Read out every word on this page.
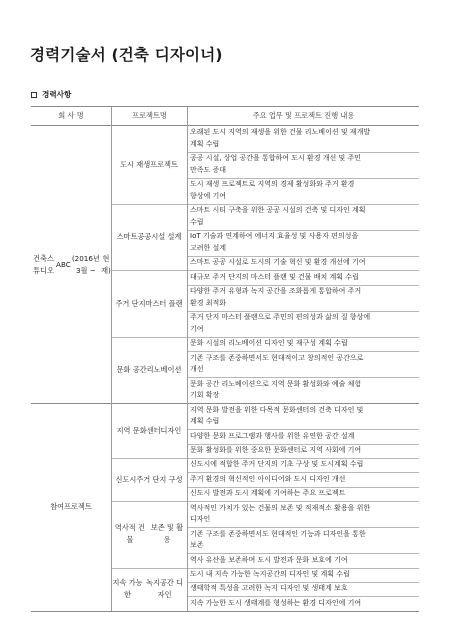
경력기술서 (건축 디자이너)
경력사항
회 사 명	프로젝트명	주요 업무 및 프로젝트 진행 내용
오래된 도시 지역의 재생을 위한 건물 리노베이션 및 재개발
계획 수립
공공 시설, 상업 공간을 통합하여 도시 환경 개선 및 주민
만족도 증대
도시 재생 프로젝트로 지역의 경제 활성화와 주거 환경
향상에 기여
도시 재생 프로젝트
스마트 시티 구축을 위한 공공 시설의 건축 및 디자인 계획
수립
IoT 기술과 연계하여 에너지 효율성 및 사용자 편의성을
고려한 설계
스마트 공공 시설로 도시의 기술 혁신 및 환경 개선에 기여
스마트 공공시설 설계
대규모 주거 단지의 마스터 플랜 및 건물 배치 계획 수립
다양한 주거 유형과 녹지 공간을 조화롭게 통합하여 주거
환경 최적화
주거 단지 마스터 플랜으로 주민의 편의성과 삶의 질 향상에
기여
주거 단지 마스터 플랜
문화 시설의 리노베이션 디자인 및 재구성 계획 수립
기존 구조를 존중하면서도 현대적이고 창의적인 공간으로
개선
문화 공간 리노베이션으로 지역 문화 활성화와 예술 체험
기회 확장
문화 공간 리노베이션
건축스튜디오

ABC

(2016년 3월 ~

현재)
지역 문화 발전을 위한 다목적 문화센터의 건축 디자인 및
계획 수립
다양한 문화 프로그램과 행사를 위한 유연한 공간 설계
문화 활성화를 위한 중요한 문화센터로 지역 사회에 기여
지역 문화센터 디자인
신도시에 적합한 주거 단지의 기초 구상 및 도시계획 수립
주거 환경의 혁신적인 아이디어와 도시 디자인 개선
신도시 발전과 도시 계획에 기여하는 주요 프로젝트
신도시 주거 단지 구성
역사적인 가치가 있는 건물의 보존 및 적재적소 활용을 위한
디자인
기존 구조를 존중하면서도 현대적인 기능과 디자인을 통한
보존
역사 유산을 보존하며 도시 발전과 문화 보호에 기여
역사적 건물

보존 및 활용
도시 내 지속 가능한 녹지공간의 디자인 및 계획 수립
생태학적 특성을 고려한 녹지 디자인 및 생태계 보호
지속 가능한 도시 생태계를 형성하는 환경 디자인에 기여
지속 가능한

녹지공간 디자인
참여 프로젝트
